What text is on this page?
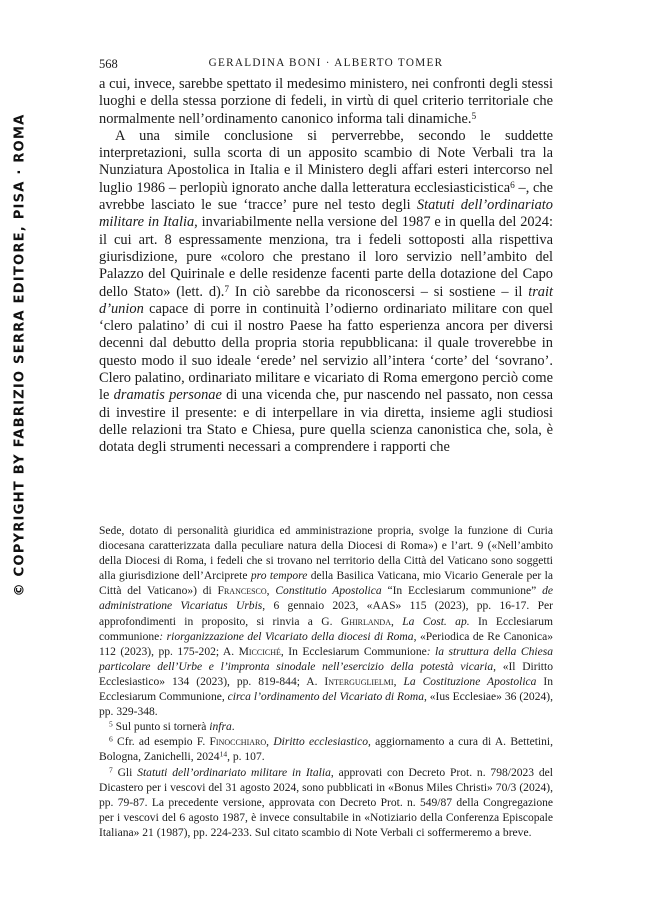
© COPYRIGHT BY FABRIZIO SERRA EDITORE, PISA · ROMA
568	GERALDINA BONI · ALBERTO TOMER

a cui, invece, sarebbe spettato il medesimo ministero, nei confronti degli stessi luoghi e della stessa porzione di fedeli, in virtù di quel criterio territoriale che normalmente nell’ordinamento canonico informa tali dinamiche.$^5$

A una simile conclusione si perverrebbe, secondo le suddette interpretazioni, sulla scorta di un apposito scambio di Note Verbali tra la Nunziatura Apostolica in Italia e il Ministero degli affari esteri intercorso nel luglio 1986 – perlopiù ignorato anche dalla letteratura ecclesiasticistica$^6$ –, che avrebbe lasciato le sue ‘tracce’ pure nel testo degli Statuti dell’ordinariato militare in Italia, invariabilmente nella versione del 1987 e in quella del 2024: il cui art. 8 espressamente menziona, tra i fedeli sottoposti alla rispettiva giurisdizione, pure «coloro che prestano il loro servizio nell’ambito del Palazzo del Quirinale e delle residenze facenti parte della dotazione del Capo dello Stato» (lett. d).$^7$ In ciò sarebbe da riconoscersi – si sostiene – il trait d’union capace di porre in continuità l’odierno ordinariato militare con quel ‘clero palatino’ di cui il nostro Paese ha fatto esperienza ancora per diversi decenni dal debutto della propria storia repubblicana: il quale troverebbe in questo modo il suo ideale ‘erede’ nel servizio all’intera ‘corte’ del ‘sovrano’. Clero palatino, ordinariato militare e vicariato di Roma emergono perciò come le dramatis personae di una vicenda che, pur nascendo nel passato, non cessa di investire il presente: e di interpellare in via diretta, insieme agli studiosi delle relazioni tra Stato e Chiesa, pure quella scienza canonistica che, sola, è dotata degli strumenti necessari a comprendere i rapporti che

Sede, dotato di personalità giuridica ed amministrazione propria, svolge la funzione di Curia diocesana caratterizzata dalla peculiare natura della Diocesi di Roma») e l’art. 9 («Nell’ambito della Diocesi di Roma, i fedeli che si trovano nel territorio della Città del Vaticano sono soggetti alla giurisdizione dell’Arciprete pro tempore della Basilica Vaticana, mio Vicario Generale per la Città del Vaticano») di Francesco, Constitutio Apostolica “In Ecclesiarum communione” de administratione Vicariatus Urbis, 6 gennaio 2023, «AAS» 115 (2023), pp. 16-17. Per approfondimenti in proposito, si rinvia a G. Ghirlanda, La Cost. ap. In Ecclesiarum communione: riorganizzazione del Vicariato della diocesi di Roma, «Periodica de Re Canonica» 112 (2023), pp. 175-202; A. Micciché, In Ecclesiarum Communione: la struttura della Chiesa particolare dell’Urbe e l’impronta sinodale nell’esercizio della potestà vicaria, «Il Diritto Ecclesiastico» 134 (2023), pp. 819-844; A. Interguglielmi, La Costituzione Apostolica In Ecclesiarum Communione, circa l’ordinamento del Vicariato di Roma, «Ius Ecclesiae» 36 (2024), pp. 329-348.

$^5$ Sul punto si tornerà infra.

$^6$ Cfr. ad esempio F. Finocchiaro, Diritto ecclesiastico, aggiornamento a cura di A. Bettetini, Bologna, Zanichelli, 2024$^{14}$, p. 107.

$^7$ Gli Statuti dell’ordinariato militare in Italia, approvati con Decreto Prot. n. 798/2023 del Dicastero per i vescovi del 31 agosto 2024, sono pubblicati in «Bonus Miles Christi» 70/3 (2024), pp. 79-87. La precedente versione, approvata con Decreto Prot. n. 549/87 della Congregazione per i vescovi del 6 agosto 1987, è invece consultabile in «Notiziario della Conferenza Episcopale Italiana» 21 (1987), pp. 224-233. Sul citato scambio di Note Verbali ci soffermeremo a breve.
